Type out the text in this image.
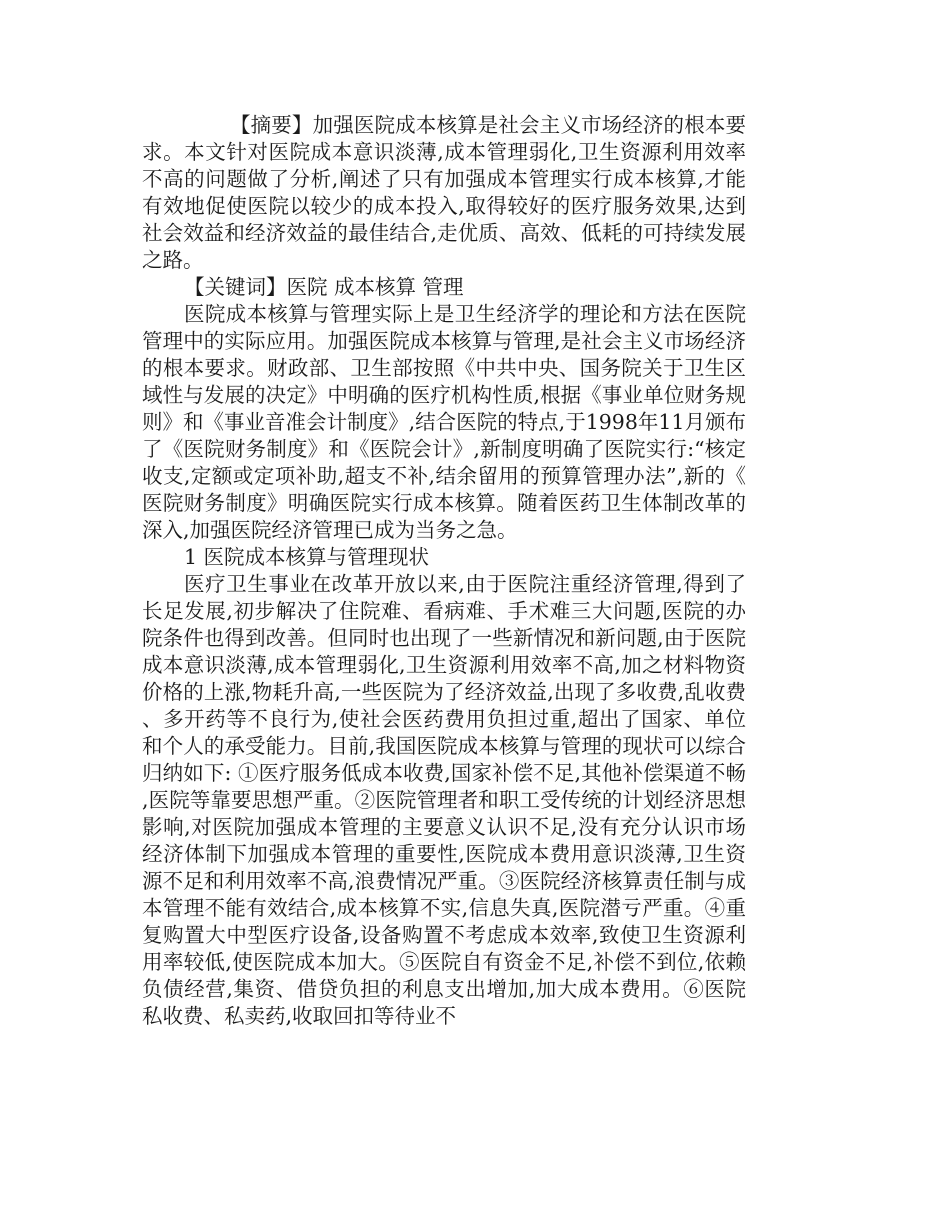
【摘要】加强医院成本核算是社会主义市场经济的根本要求。本文针对医院成本意识淡薄,成本管理弱化,卫生资源利用效率不高的问题做了分析,阐述了只有加强成本管理实行成本核算,才能有效地促使医院以较少的成本投入,取得较好的医疗服务效果,达到社会效益和经济效益的最佳结合,走优质、高效、低耗的可持续发展之路。

【关键词】医院 成本核算 管理

医院成本核算与管理实际上是卫生经济学的理论和方法在医院管理中的实际应用。加强医院成本核算与管理,是社会主义市场经济的根本要求。财政部、卫生部按照《中共中央、国务院关于卫生区域性与发展的决定》中明确的医疗机构性质,根据《事业单位财务规则》和《事业音准会计制度》,结合医院的特点,于1998年11月颁布了《医院财务制度》和《医院会计》,新制度明确了医院实行:“核定收支,定额或定项补助,超支不补,结余留用的预算管理办法”,新的《医院财务制度》明确医院实行成本核算。随着医药卫生体制改革的深入,加强医院经济管理已成为当务之急。

1 医院成本核算与管理现状

医疗卫生事业在改革开放以来,由于医院注重经济管理,得到了长足发展,初步解决了住院难、看病难、手术难三大问题,医院的办院条件也得到改善。但同时也出现了一些新情况和新问题,由于医院成本意识淡薄,成本管理弱化,卫生资源利用效率不高,加之材料物资价格的上涨,物耗升高,一些医院为了经济效益,出现了多收费,乱收费、多开药等不良行为,使社会医药费用负担过重,超出了国家、单位和个人的承受能力。目前,我国医院成本核算与管理的现状可以综合归纳如下: ①医疗服务低成本收费,国家补偿不足,其他补偿渠道不畅,医院等靠要思想严重。②医院管理者和职工受传统的计划经济思想影响,对医院加强成本管理的主要意义认识不足,没有充分认识市场经济体制下加强成本管理的重要性,医院成本费用意识淡薄,卫生资源不足和利用效率不高,浪费情况严重。③医院经济核算责任制与成本管理不能有效结合,成本核算不实,信息失真,医院潜亏严重。④重复购置大中型医疗设备,设备购置不考虑成本效率,致使卫生资源利用率较低,使医院成本加大。⑤医院自有资金不足,补偿不到位,依赖负债经营,集资、借贷负担的利息支出增加,加大成本费用。⑥医院私收费、私卖药,收取回扣等待业不
